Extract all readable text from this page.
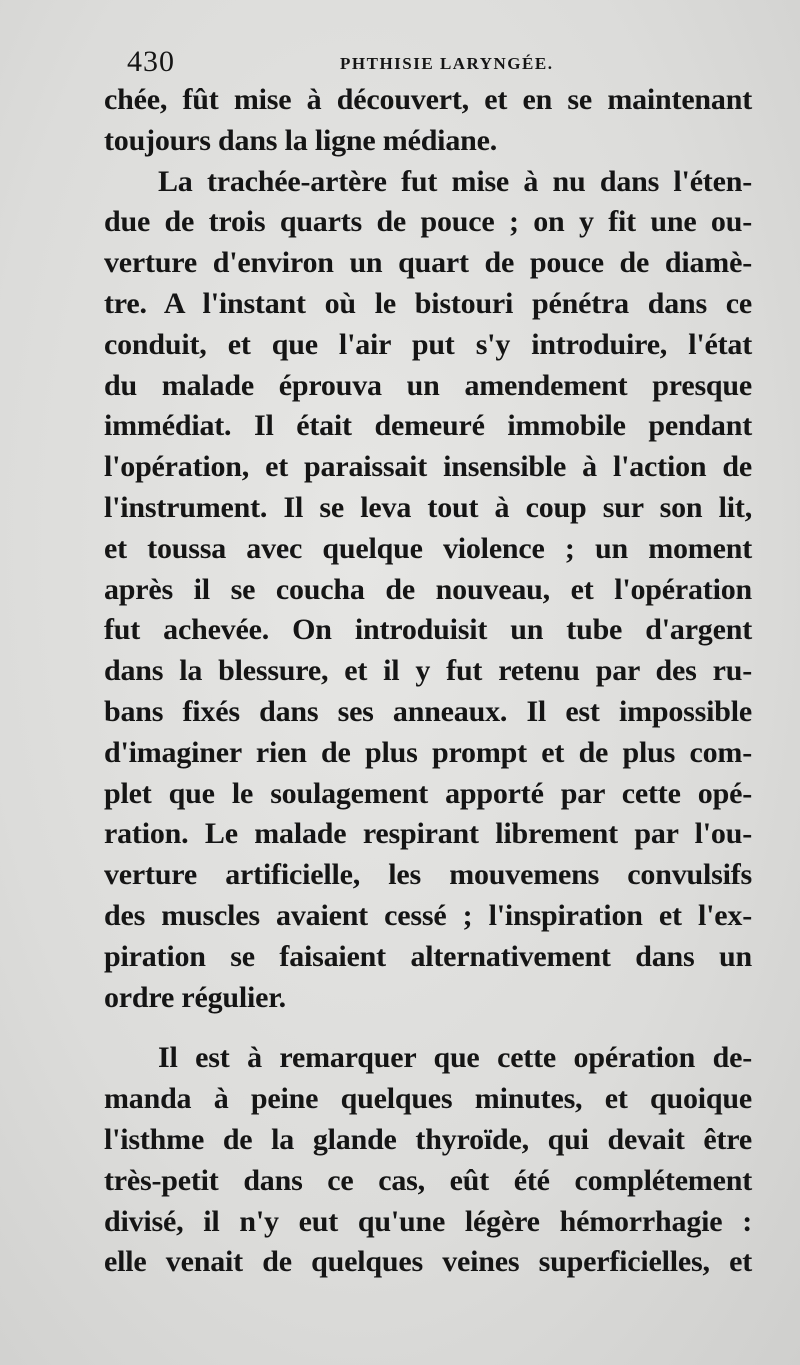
430	PHTHISIE LARYNGÉE.
chée, fût mise à découvert, et en se maintenant
toujours dans la ligne médiane.
La trachée-artère fut mise à nu dans l'éten-
due de trois quarts de pouce ; on y fit une ou-
verture d'environ un quart de pouce de diamè-
tre. A l'instant où le bistouri pénétra dans ce
conduit, et que l'air put s'y introduire, l'état
du malade éprouva un amendement presque
immédiat. Il était demeuré immobile pendant
l'opération, et paraissait insensible à l'action de
l'instrument. Il se leva tout à coup sur son lit,
et toussa avec quelque violence ; un moment
après il se coucha de nouveau, et l'opération
fut achevée. On introduisit un tube d'argent
dans la blessure, et il y fut retenu par des ru-
bans fixés dans ses anneaux. Il est impossible
d'imaginer rien de plus prompt et de plus com-
plet que le soulagement apporté par cette opé-
ration. Le malade respirant librement par l'ou-
verture artificielle, les mouvemens convulsifs
des muscles avaient cessé ; l'inspiration et l'ex-
piration se faisaient alternativement dans un
ordre régulier.
Il est à remarquer que cette opération de-
manda à peine quelques minutes, et quoique
l'isthme de la glande thyroïde, qui devait être
très-petit dans ce cas, eût été complétement
divisé, il n'y eut qu'une légère hémorrhagie :
elle venait de quelques veines superficielles, et
